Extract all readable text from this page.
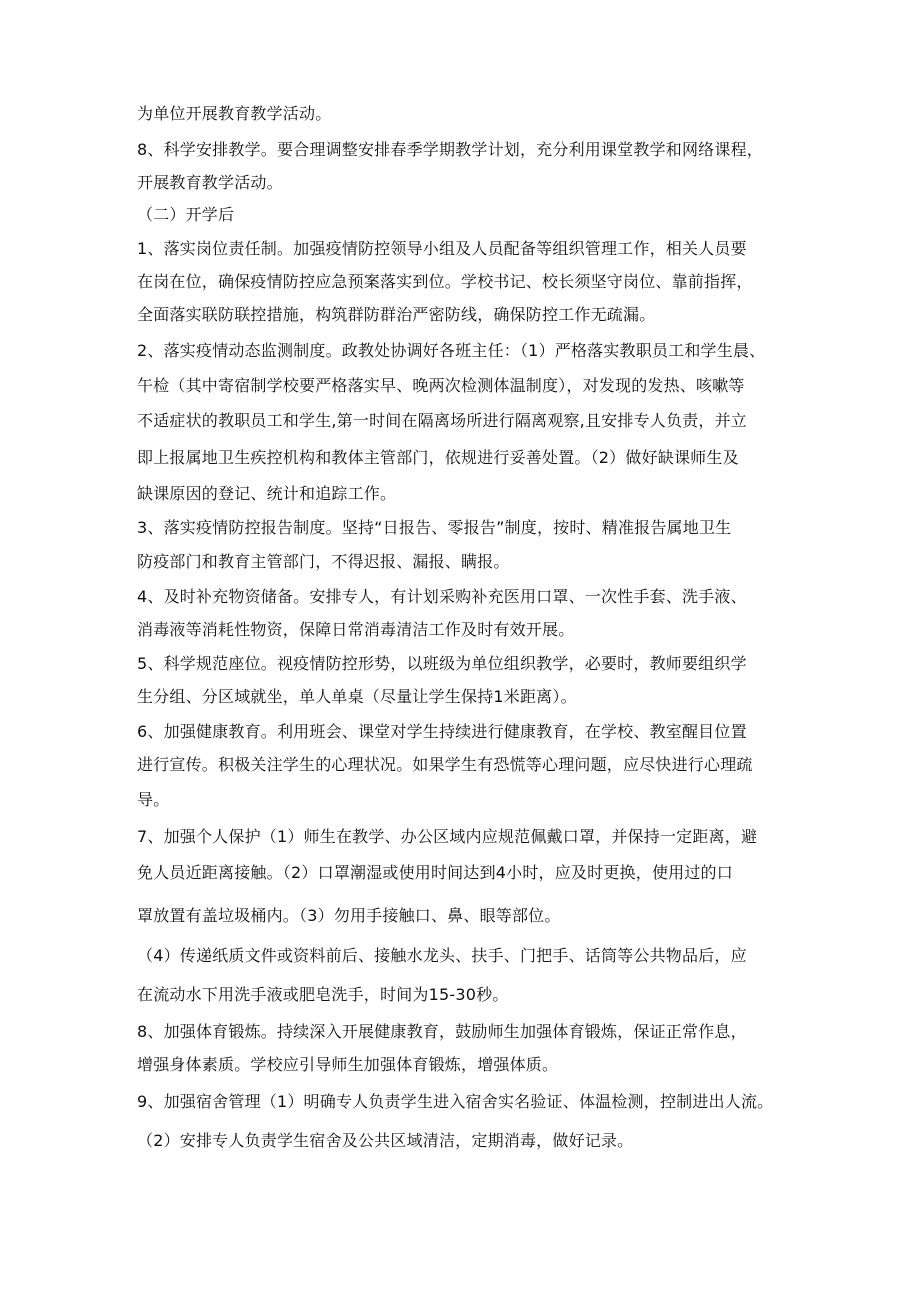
为单位开展教育教学活动。
8、科学安排教学。要合理调整安排春季学期教学计划，充分利用课堂教学和网络课程，
开展教育教学活动。
（二）开学后
1、落实岗位责任制。加强疫情防控领导小组及人员配备等组织管理工作，相关人员要
在岗在位，确保疫情防控应急预案落实到位。学校书记、校长须坚守岗位、靠前指挥，
全面落实联防联控措施，构筑群防群治严密防线，确保防控工作无疏漏。
2、落实疫情动态监测制度。政教处协调好各班主任：（1）严格落实教职员工和学生晨、
午检（其中寄宿制学校要严格落实早、晚两次检测体温制度），对发现的发热、咳嗽等
不适症状的教职员工和学生,第一时间在隔离场所进行隔离观察,且安排专人负责，并立
即上报属地卫生疾控机构和教体主管部门，依规进行妥善处置。（2）做好缺课师生及
缺课原因的登记、统计和追踪工作。
3、落实疫情防控报告制度。坚持“日报告、零报告”制度，按时、精准报告属地卫生
防疫部门和教育主管部门，不得迟报、漏报、瞒报。
4、及时补充物资储备。安排专人，有计划采购补充医用口罩、一次性手套、洗手液、
消毒液等消耗性物资，保障日常消毒清洁工作及时有效开展。
5、科学规范座位。视疫情防控形势，以班级为单位组织教学，必要时，教师要组织学
生分组、分区域就坐，单人单桌（尽量让学生保持1米距离）。
6、加强健康教育。利用班会、课堂对学生持续进行健康教育，在学校、教室醒目位置
进行宣传。积极关注学生的心理状况。如果学生有恐慌等心理问题，应尽快进行心理疏
导。
7、加强个人保护（1）师生在教学、办公区域内应规范佩戴口罩，并保持一定距离，避
免人员近距离接触。（2）口罩潮湿或使用时间达到4小时，应及时更换，使用过的口
罩放置有盖垃圾桶内。（3）勿用手接触口、鼻、眼等部位。
（4）传递纸质文件或资料前后、接触水龙头、扶手、门把手、话筒等公共物品后，应
在流动水下用洗手液或肥皂洗手，时间为15-30秒。
8、加强体育锻炼。持续深入开展健康教育，鼓励师生加强体育锻炼，保证正常作息，
增强身体素质。学校应引导师生加强体育锻炼，增强体质。
9、加强宿舍管理（1）明确专人负责学生进入宿舍实名验证、体温检测，控制进出人流。
（2）安排专人负责学生宿舍及公共区域清洁，定期消毒，做好记录。
